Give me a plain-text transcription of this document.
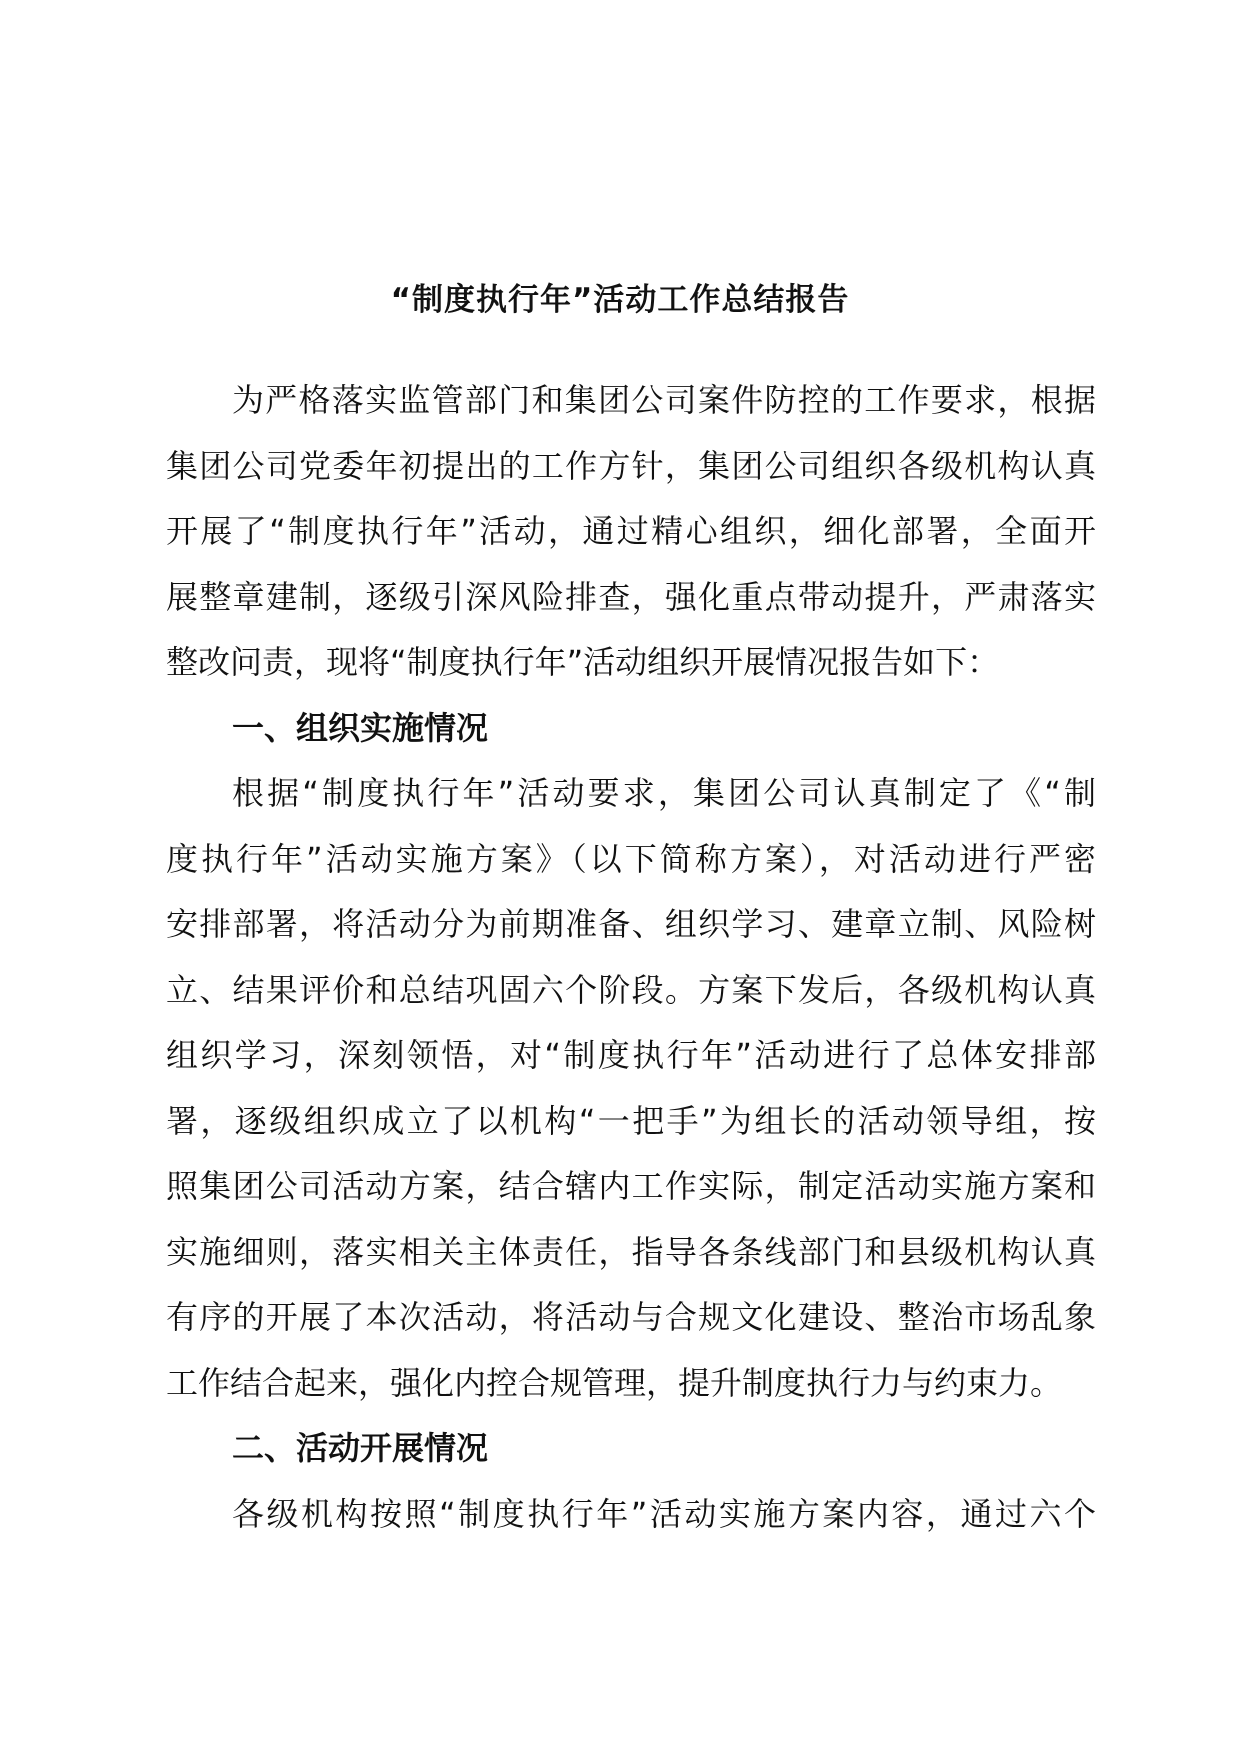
“制度执行年”活动工作总结报告
为严格落实监管部门和集团公司案件防控的工作要求，根据
集团公司党委年初提出的工作方针，集团公司组织各级机构认真
开展了“制度执行年”活动，通过精心组织，细化部署，全面开
展整章建制，逐级引深风险排查，强化重点带动提升，严肃落实
整改问责，现将“制度执行年”活动组织开展情况报告如下：
一、组织实施情况
根据“制度执行年”活动要求，集团公司认真制定了《“制
度执行年”活动实施方案》（以下简称方案），对活动进行严密
安排部署，将活动分为前期准备、组织学习、建章立制、风险树
立、结果评价和总结巩固六个阶段。方案下发后，各级机构认真
组织学习，深刻领悟，对“制度执行年”活动进行了总体安排部
署，逐级组织成立了以机构“一把手”为组长的活动领导组，按
照集团公司活动方案，结合辖内工作实际，制定活动实施方案和
实施细则，落实相关主体责任，指导各条线部门和县级机构认真
有序的开展了本次活动，将活动与合规文化建设、整治市场乱象
工作结合起来，强化内控合规管理，提升制度执行力与约束力。
二、活动开展情况
各级机构按照“制度执行年”活动实施方案内容，通过六个
